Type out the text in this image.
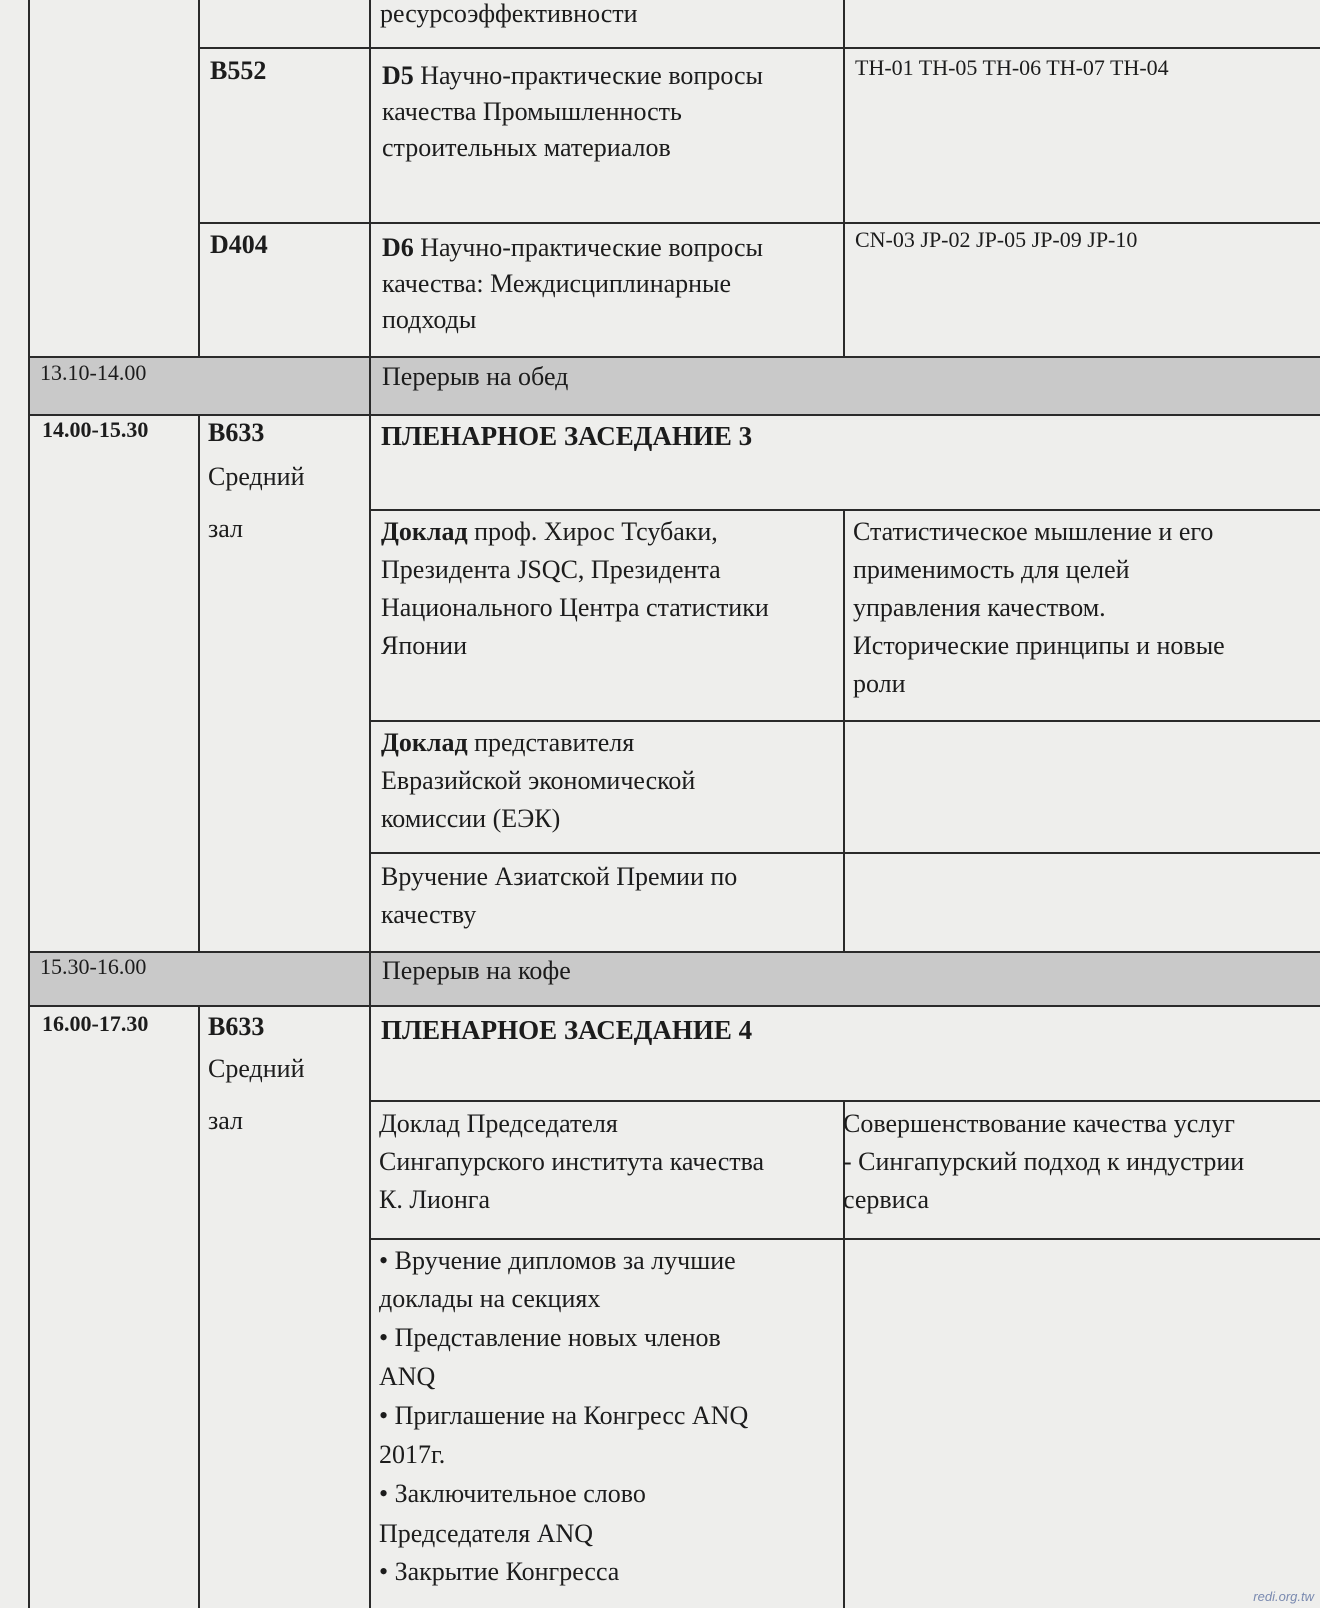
ресурсоэффективности
B552	D5 Научно-практические вопросы
качества Промышленность
строительных материалов
TH-01 TH-05 TH-06 TH-07 TH-04
D404	D6 Научно-практические вопросы
качества: Междисциплинарные
подходы
CN-03 JP-02 JP-05 JP-09 JP-10
13.10-14.00	Перерыв на обед
14.00-15.30 B633
Средний
зал
ПЛЕНАРНОЕ ЗАСЕДАНИЕ 3
Доклад проф. Хирос Тсубаки,
Президента JSQC, Президента
Национального Центра статистики
Японии
Статистическое мышление и его
применимость для целей
управления качеством.
Исторические принципы и новые
роли
Доклад представителя
Евразийской экономической
комиссии (ЕЭК)
Вручение Азиатской Премии по
качеству
15.30-16.00	Перерыв на кофе
16.00-17.30 B633
Средний
зал
ПЛЕНАРНОЕ ЗАСЕДАНИЕ 4
Доклад Председателя
Сингапурского института качества
К. Лионга
Совершенствование качества услуг
- Сингапурский подход к индустрии
сервиса
• Вручение дипломов за лучшие
доклады на секциях
• Представление новых членов
ANQ
• Приглашение на Конгресс ANQ
2017г.
• Заключительное слово
Председателя ANQ
• Закрытие Конгресса
redi.org.tw
